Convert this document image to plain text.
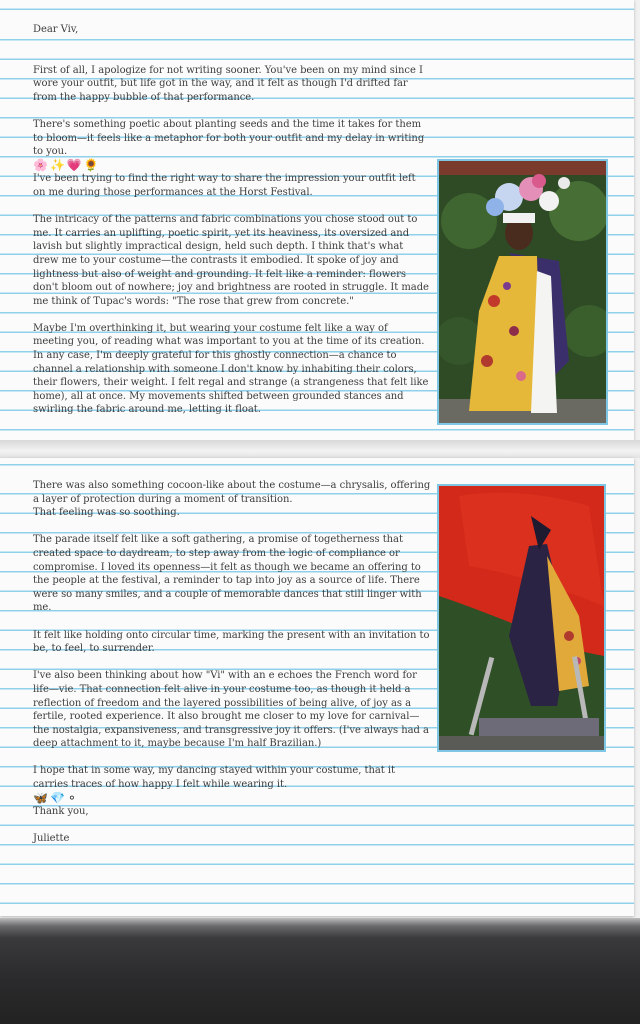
Dear Viv,

First of all, I apologize for not writing sooner. You've been on my mind since I wore your outfit, but life got in the way, and it felt as though I'd drifted far from the happy bubble of that performance.

There's something poetic about planting seeds and the time it takes for them to bloom—it feels like a metaphor for both your outfit and my delay in writing to you.

🌸✨💗🌻

I've been trying to find the right way to share the impression your outfit left on me during those performances at the Horst Festival.

The intricacy of the patterns and fabric combinations you chose stood out to me. It carries an uplifting, poetic spirit, yet its heaviness, its oversized and lavish but slightly impractical design, held such depth. I think that's what drew me to your costume—the contrasts it embodied. It spoke of joy and lightness but also of weight and grounding. It felt like a reminder: flowers don't bloom out of nowhere; joy and brightness are rooted in struggle. It made me think of Tupac's words: "The rose that grew from concrete."

Maybe I'm overthinking it, but wearing your costume felt like a way of meeting you, of reading what was important to you at the time of its creation. In any case, I'm deeply grateful for this ghostly connection—a chance to channel a relationship with someone I don't know by inhabiting their colors, their flowers, their weight. I felt regal and strange (a strangeness that felt like home), all at once. My movements shifted between grounded stances and swirling the fabric around me, letting it float.

There was also something cocoon-like about the costume—a chrysalis, offering a layer of protection during a moment of transition.

That feeling was so soothing.

The parade itself felt like a soft gathering, a promise of togetherness that created space to daydream, to step away from the logic of compliance or compromise. I loved its openness—it felt as though we became an offering to the people at the festival, a reminder to tap into joy as a source of life. There were so many smiles, and a couple of memorable dances that still linger with me.

It felt like holding onto circular time, marking the present with an invitation to be, to feel, to surrender.

I've also been thinking about how "Vi" with an e echoes the French word for life—vie. That connection felt alive in your costume too, as though it held a reflection of freedom and the layered possibilities of being alive, of joy as a fertile, rooted experience. It also brought me closer to my love for carnival—the nostalgia, expansiveness, and transgressive joy it offers. (I've always had a deep attachment to it, maybe because I'm half Brazilian.)

I hope that in some way, my dancing stayed within your costume, that it carries traces of how happy I felt while wearing it.

🦋💎⚬

Thank you,

Juliette
